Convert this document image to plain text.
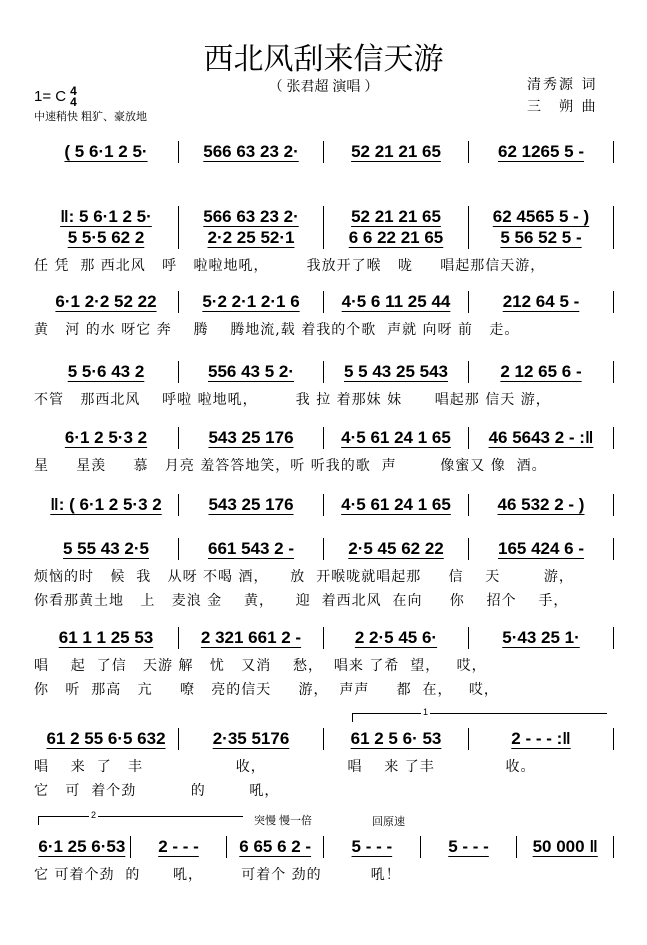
西北风刮来信天游
（ 张君超 演唱 ）	清秀源 词
三　朔 曲
1= C 4
4
中速稍快 粗犷、豪放地
1
2	突慢 慢一倍	回原速
( 5 6·1 2 5·	566 63 23 2·	52 21 21 65	62 1265 5 -
‖: 5 6·1 2 5·	566 63 23 2·	52 21 21 65	62 4565 5 - )
5 5·5 62 2	2·2 25 52·1	6 6 22 21 65	5 56 52 5 -
任 凭  那 西北风   呼   啦啦地吼，       我放开了喉   咙     唱起那信天游，
6·1 2·2 52 22	5·2 2·1 2·1 6	4·5 6 11 25 44	212 64 5 -
黄   河 的水 呀它 奔    腾    腾地流,载 着我的个歌  声就 向呀 前   走。
5 5·6 43 2	556 43 5 2·	5 5 43 25 543	2 12 65 6 -
不管   那西北风    呼啦 啦地吼，       我 拉 着那妹 妹      唱起那 信天 游，
6·1 2 5·3 2	543 25 176	4·5 61 24 1 65	46 5643 2 - :‖
星     星羡     慕   月亮 羞答答地笑，听 听我的歌  声        像蜜又 像  酒。
‖: ( 6·1 2 5·3 2	543 25 176	4·5 61 24 1 65	46 532 2 - )
5 55 43 2·5	661 543 2 -	2·5 45 62 22	165 424 6 -
烦恼的时   候  我   从呀 不喝 酒，    放  开喉咙就唱起那     信    天        游，
你看那黄土地   上   麦浪 金    黄，    迎  着西北风  在向     你    招个    手，
61 1 1 25 53	2 321 661 2 -	2 2·5 45 6·	5·43 25 1·
唱    起  了信   天游 解   忧   又消    愁，  唱来 了希  望，   哎，
你   听  那高   亢     嘹   亮的信天     游，  声声     都  在，   哎，
61 2 55 6·5 632	2·35 5176	61 2 5 6· 53	2 - - - :‖
唱    来  了   丰                 收，               唱    来 了丰             收。
它   可  着个劲          的        吼，
6·1 25 6·53	2 - - -	6 65 6 2 -	5 - - -	5 - - -	50 000 ‖
它 可着个劲  的      吼，       可着个 劲的         吼！
